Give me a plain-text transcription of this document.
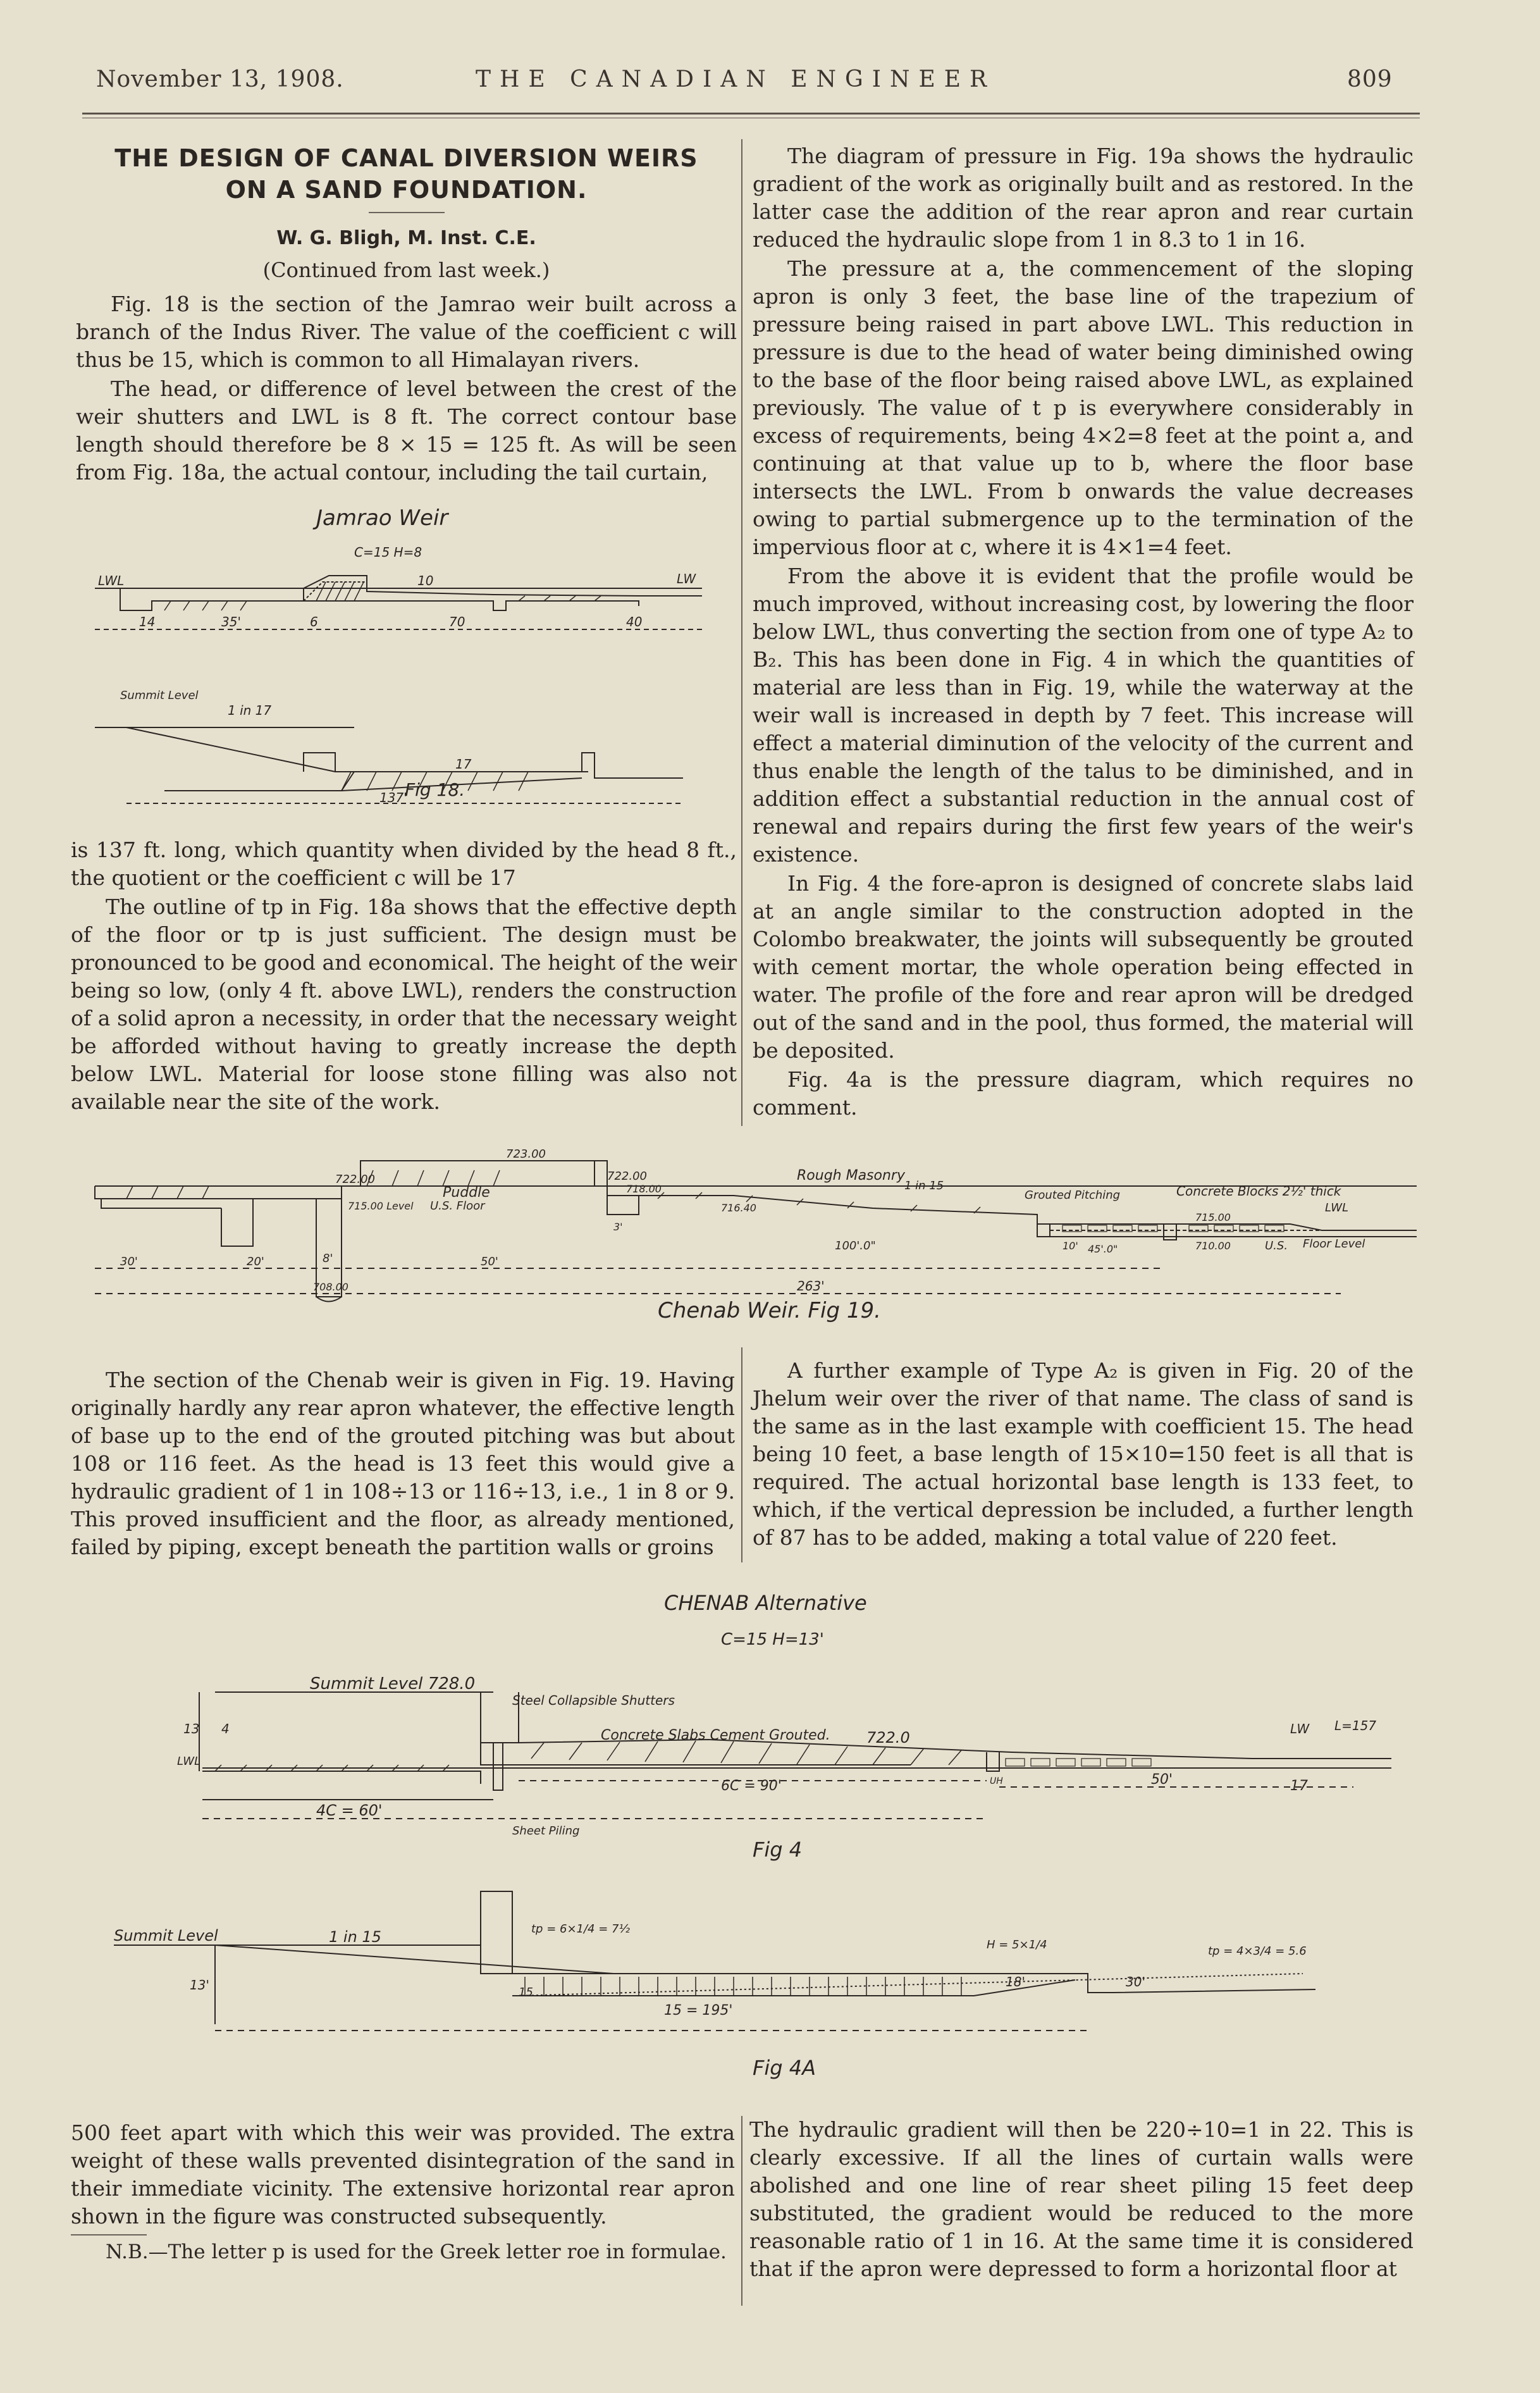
November 13, 1908.	THE CANADIAN ENGINEER	809
THE DESIGN OF CANAL DIVERSION WEIRS
ON A SAND FOUNDATION.
W. G. Bligh, M. Inst. C.E.
(Continued from last week.)

Fig. 18 is the section of the Jamrao weir built across a branch of the Indus River. The value of the coefficient c will thus be 15, which is common to all Himalayan rivers.

The head, or difference of level between the crest of the weir shutters and LWL is 8 ft. The correct contour base length should therefore be 8 × 15 = 125 ft. As will be seen from Fig. 18a, the actual contour, including the tail curtain,

Jamrao Weir
C=15 H=8
LWL	LW
10
14	35'	6	70	40
Summit Level
1 in 17
17
137'
Fig 18.

is 137 ft. long, which quantity when divided by the head 8 ft., the quotient or the coefficient c will be 17

The outline of tp in Fig. 18a shows that the effective depth of the floor or tp is just sufficient. The design must be pronounced to be good and economical. The height of the weir being so low, (only 4 ft. above LWL), renders the construction of a solid apron a necessity, in order that the necessary weight be afforded without having to greatly increase the depth below LWL. Material for loose stone filling was also not available near the site of the work.

The diagram of pressure in Fig. 19a shows the hydraulic gradient of the work as originally built and as restored. In the latter case the addition of the rear apron and rear curtain reduced the hydraulic slope from 1 in 8.3 to 1 in 16.

The pressure at a, the commencement of the sloping apron is only 3 feet, the base line of the trapezium of pressure being raised in part above LWL. This reduction in pressure is due to the head of water being diminished owing to the base of the floor being raised above LWL, as explained previously. The value of t p is everywhere considerably in excess of requirements, being 4×2=8 feet at the point a, and continuing at that value up to b, where the floor base intersects the LWL. From b onwards the value decreases owing to partial submergence up to the termination of the impervious floor at c, where it is 4×1=4 feet.

From the above it is evident that the profile would be much improved, without increasing cost, by lowering the floor below LWL, thus converting the section from one of type A₂ to B₂. This has been done in Fig. 4 in which the quantities of material are less than in Fig. 19, while the waterway at the weir wall is increased in depth by 7 feet. This increase will effect a material diminution of the velocity of the current and thus enable the length of the talus to be diminished, and in addition effect a substantial reduction in the annual cost of renewal and repairs during the first few years of the weir's existence.

In Fig. 4 the fore-apron is designed of concrete slabs laid at an angle similar to the construction adopted in the Colombo breakwater, the joints will subsequently be grouted with cement mortar, the whole operation being effected in water. The profile of the fore and rear apron will be dredged out of the sand and in the pool, thus formed, the material will be deposited.

Fig. 4a is the pressure diagram, which requires no comment.

723.00
722.00	722.00
Puddle
U.S. Floor
715.00 Level
718.00
716.40
Rough Masonry
1 in 15
Grouted Pitching	Concrete Blocks 2½' thick
715.00
710.00	U.S.
LWL
Floor Level
708.00
30'	20'	8'	50'
3'
100'.0"	10' 45'.0"
263'
Chenab Weir. Fig 19.

The section of the Chenab weir is given in Fig. 19. Having originally hardly any rear apron whatever, the effective length of base up to the end of the grouted pitching was but about 108 or 116 feet. As the head is 13 feet this would give a hydraulic gradient of 1 in 108÷13 or 116÷13, i.e., 1 in 8 or 9. This proved insufficient and the floor, as already mentioned, failed by piping, except beneath the partition walls or groins

A further example of Type A₂ is given in Fig. 20 of the Jhelum weir over the river of that name. The class of sand is the same as in the last example with coefficient 15. The head being 10 feet, a base length of 15×10=150 feet is all that is required. The actual horizontal base length is 133 feet, to which, if the vertical depression be included, a further length of 87 has to be added, making a total value of 220 feet.

CHENAB Alternative
C=15 H=13'
Summit Level 728.0
Steel Collapsible Shutters
Concrete Slabs Cement Grouted. 722.0
LWL
LW L=157
13 4
4C = 60'
6C = 90'	50'	17
UH
Sheet Piling
Fig 4
Summit Level	1 in 15	tp = 6×1/4 = 7½
H = 5×1/4	tp = 4×3/4 = 5.6
13'	15
15 = 195'
18'	30'
Fig 4A

500 feet apart with which this weir was provided. The extra weight of these walls prevented disintegration of the sand in their immediate vicinity. The extensive horizontal rear apron shown in the figure was constructed subsequently.

N.B.—The letter p is used for the Greek letter roe in formulae.

The hydraulic gradient will then be 220÷10=1 in 22. This is clearly excessive. If all the lines of curtain walls were abolished and one line of rear sheet piling 15 feet deep substituted, the gradient would be reduced to the more reasonable ratio of 1 in 16. At the same time it is considered that if the apron were depressed to form a horizontal floor at
